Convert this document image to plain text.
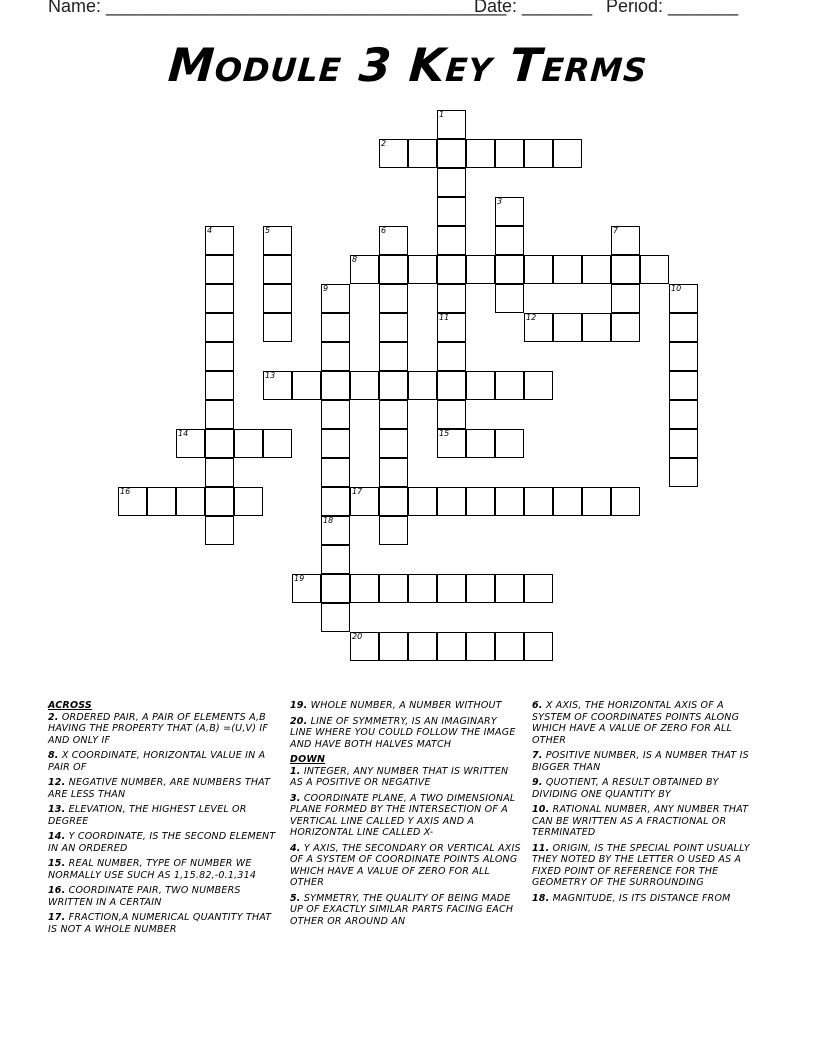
Name: ________________________________________
Date: _______ Period: _______
Module 3 Key Terms
2
8
12
13
14	15
16	17
19
20
1
3
4	5	6	7
9	10
11
18
ACROSS
2. ORDERED PAIR, A PAIR OF ELEMENTS A,B HAVING THE PROPERTY THAT (A,B) =(U,V) IF AND ONLY IF
8. X COORDINATE, HORIZONTAL VALUE IN A PAIR OF
12. NEGATIVE NUMBER, ARE NUMBERS THAT ARE LESS THAN
13. ELEVATION, THE HIGHEST LEVEL OR DEGREE
14. Y COORDINATE, IS THE SECOND ELEMENT IN AN ORDERED
15. REAL NUMBER, TYPE OF NUMBER WE NORMALLY USE SUCH AS 1,15.82,-0.1,314
16. COORDINATE PAIR, TWO NUMBERS WRITTEN IN A CERTAIN
17. FRACTION,A NUMERICAL QUANTITY THAT IS NOT A WHOLE NUMBER
19. WHOLE NUMBER, A NUMBER WITHOUT
20. LINE OF SYMMETRY, IS AN IMAGINARY LINE WHERE YOU COULD FOLLOW THE IMAGE AND HAVE BOTH HALVES MATCH
DOWN
1. INTEGER, ANY NUMBER THAT IS WRITTEN AS A POSITIVE OR NEGATIVE
3. COORDINATE PLANE, A TWO DIMENSIONAL PLANE FORMED BY THE INTERSECTION OF A VERTICAL LINE CALLED Y AXIS AND A HORIZONTAL LINE CALLED X-
4. Y AXIS, THE SECONDARY OR VERTICAL AXIS OF A SYSTEM OF COORDINATE POINTS ALONG WHICH HAVE A VALUE OF ZERO FOR ALL OTHER
5. SYMMETRY, THE QUALITY OF BEING MADE UP OF EXACTLY SIMILAR PARTS FACING EACH OTHER OR AROUND AN
6. X AXIS, THE HORIZONTAL AXIS OF A SYSTEM OF COORDINATES POINTS ALONG WHICH HAVE A VALUE OF ZERO FOR ALL OTHER
7. POSITIVE NUMBER, IS A NUMBER THAT IS BIGGER THAN
9. QUOTIENT, A RESULT OBTAINED BY DIVIDING ONE QUANTITY BY
10. RATIONAL NUMBER, ANY NUMBER THAT CAN BE WRITTEN AS A FRACTIONAL OR TERMINATED
11. ORIGIN, IS THE SPECIAL POINT USUALLY THEY NOTED BY THE LETTER O USED AS A FIXED POINT OF REFERENCE FOR THE GEOMETRY OF THE SURROUNDING
18. MAGNITUDE, IS ITS DISTANCE FROM
